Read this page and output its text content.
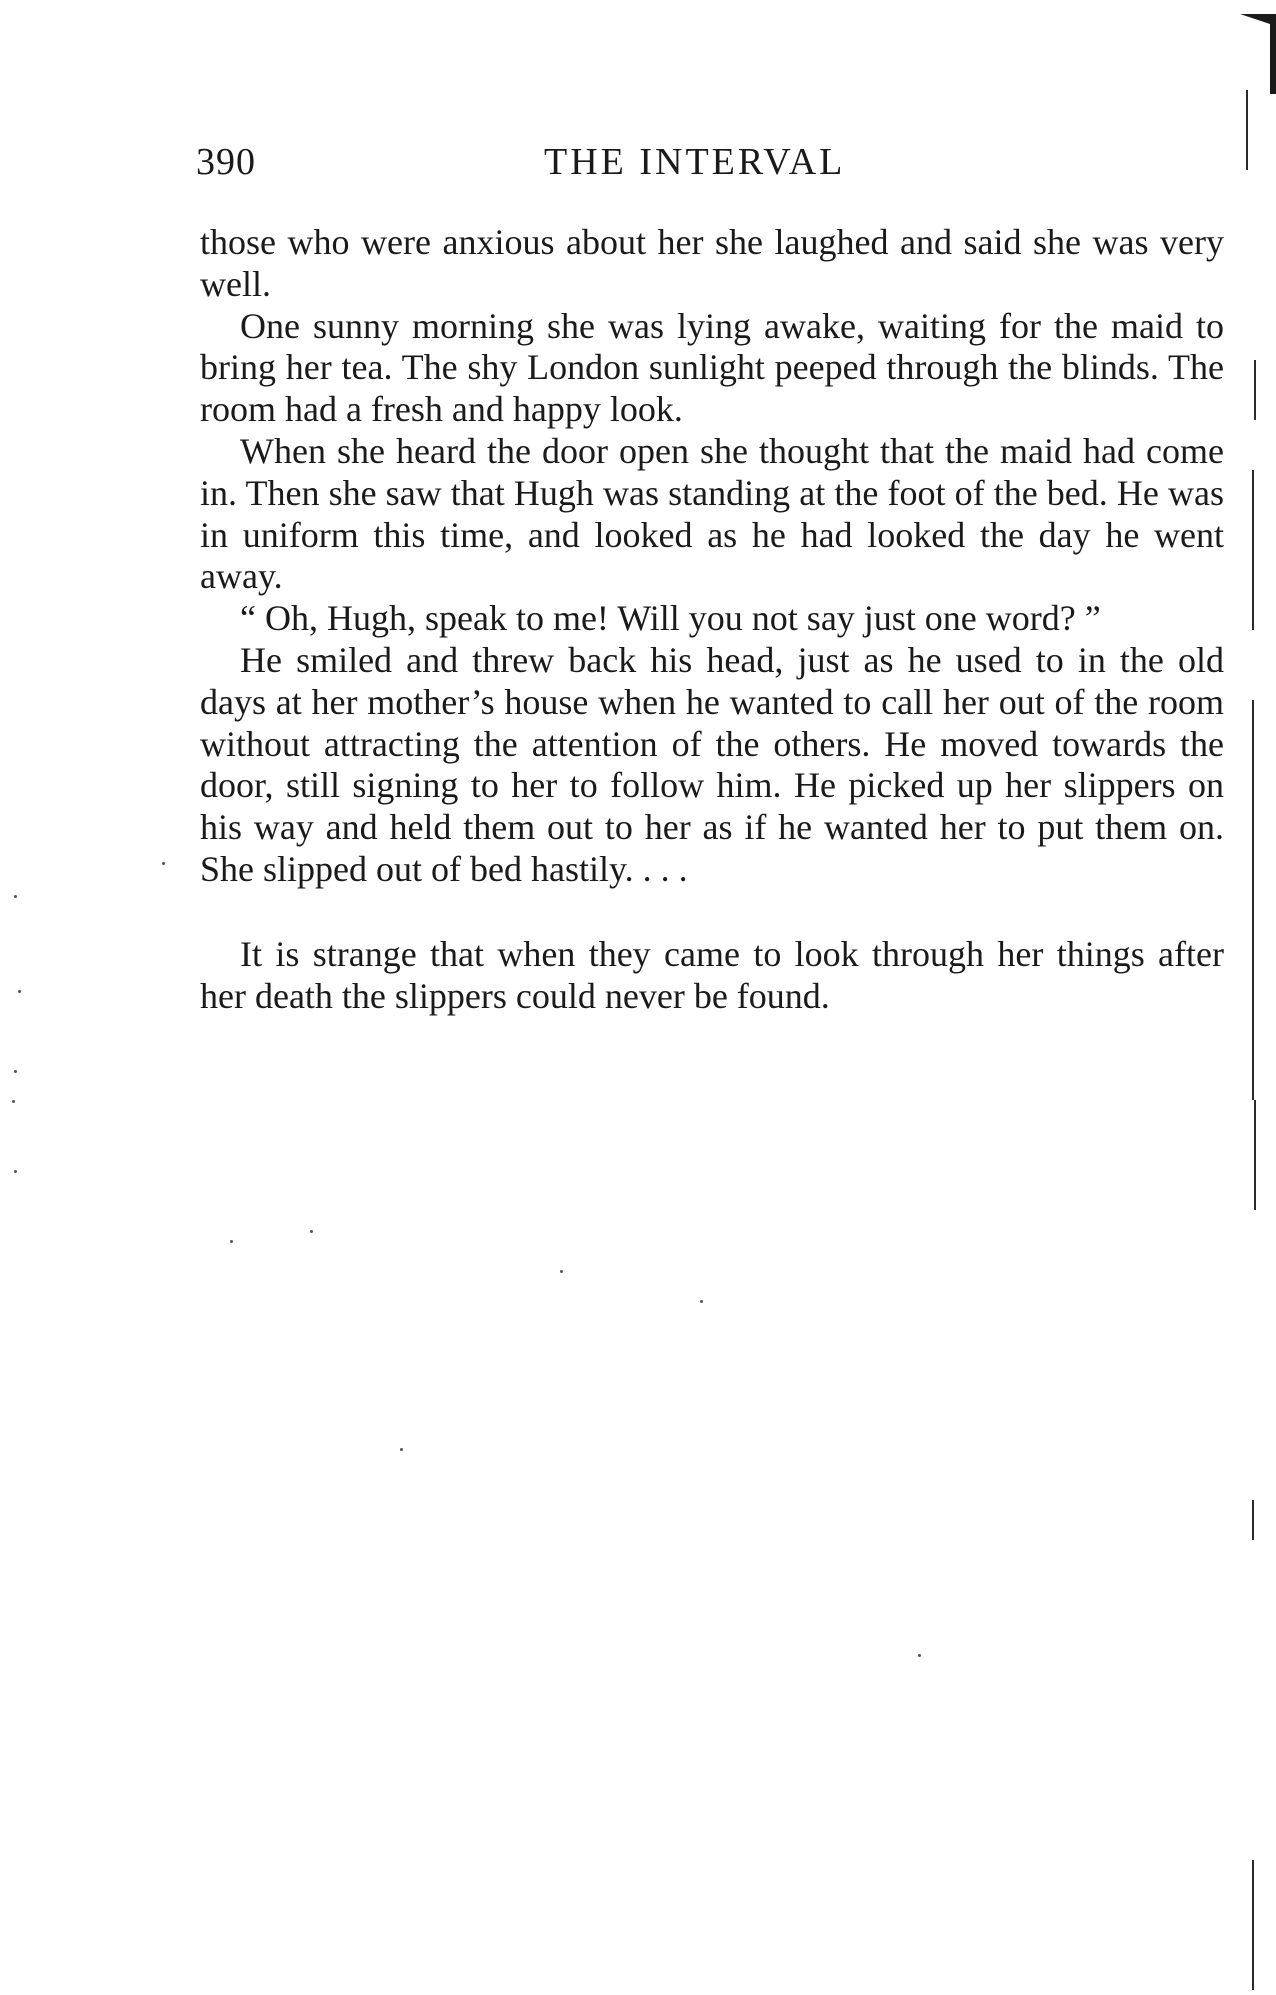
390	THE INTERVAL

those who were anxious about her she laughed and said she was very well.

One sunny morning she was lying awake, waiting for the maid to bring her tea. The shy London sunlight peeped through the blinds. The room had a fresh and happy look.

When she heard the door open she thought that the maid had come in. Then she saw that Hugh was standing at the foot of the bed. He was in uniform this time, and looked as he had looked the day he went away.

“ Oh, Hugh, speak to me! Will you not say just one word? ”

He smiled and threw back his head, just as he used to in the old days at her mother’s house when he wanted to call her out of the room without attracting the attention of the others. He moved towards the door, still signing to her to follow him. He picked up her slippers on his way and held them out to her as if he wanted her to put them on. She slipped out of bed hastily. . . .

It is strange that when they came to look through her things after her death the slippers could never be found.
